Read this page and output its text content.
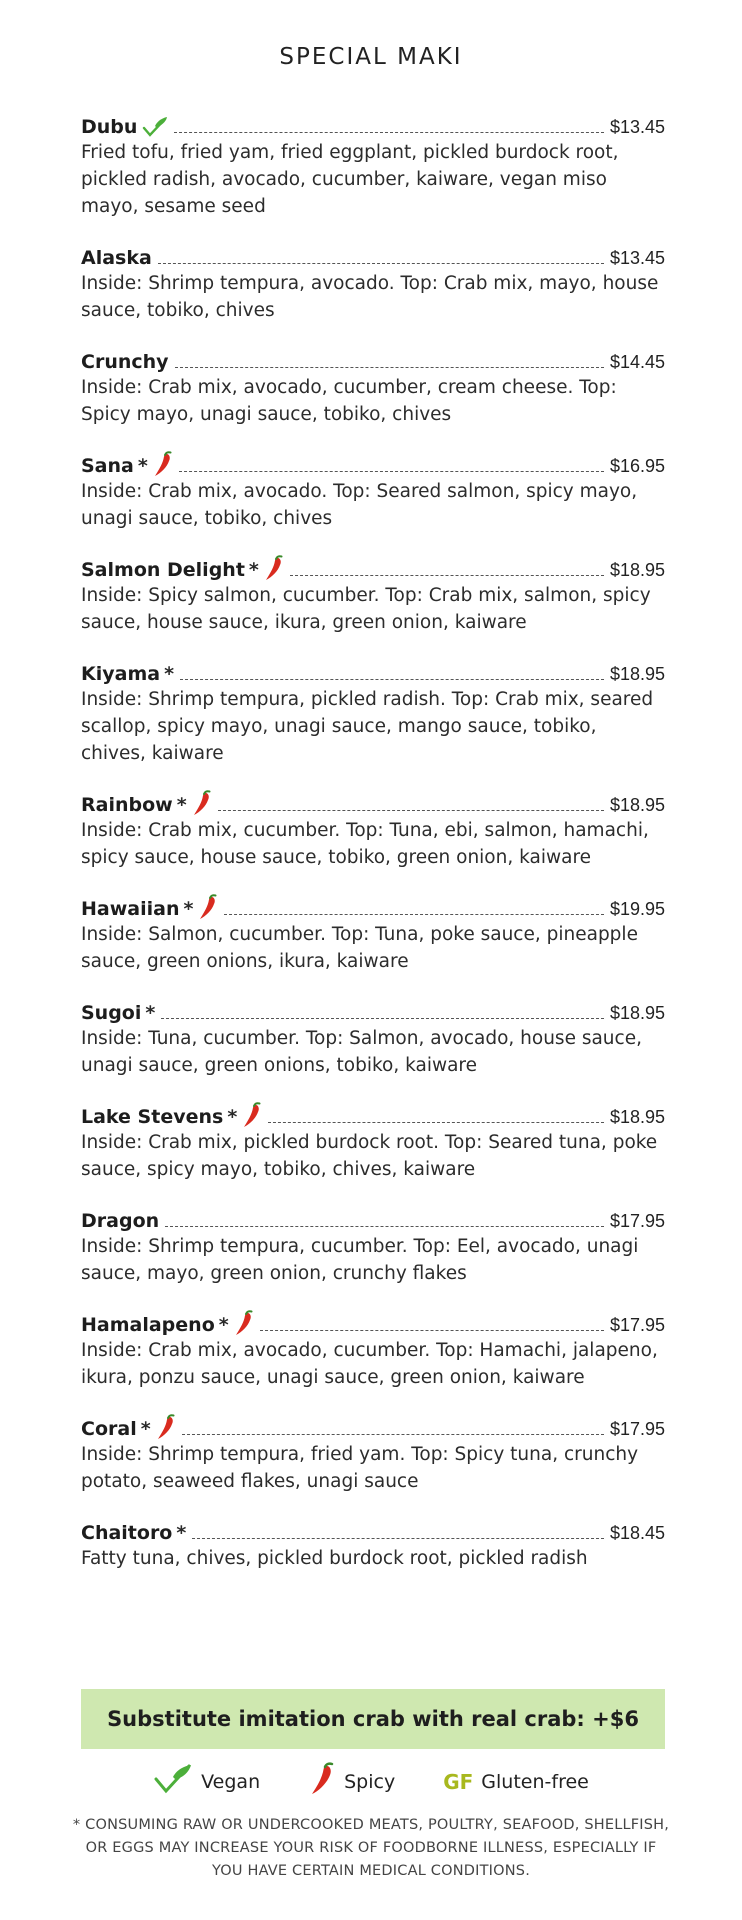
SPECIAL MAKI
Dubu	$13.45
Fried tofu, fried yam, fried eggplant, pickled burdock root, pickled radish, avocado, cucumber, kaiware, vegan miso mayo, sesame seed
Alaska	$13.45
Inside: Shrimp tempura, avocado. Top: Crab mix, mayo, house sauce, tobiko, chives
Crunchy	$14.45
Inside: Crab mix, avocado, cucumber, cream cheese. Top: Spicy mayo, unagi sauce, tobiko, chives
Sana *	$16.95
Inside: Crab mix, avocado. Top: Seared salmon, spicy mayo, unagi sauce, tobiko, chives
Salmon Delight *	$18.95
Inside: Spicy salmon, cucumber. Top: Crab mix, salmon, spicy sauce, house sauce, ikura, green onion, kaiware
Kiyama *	$18.95
Inside: Shrimp tempura, pickled radish. Top: Crab mix, seared scallop, spicy mayo, unagi sauce, mango sauce, tobiko, chives, kaiware
Rainbow *	$18.95
Inside: Crab mix, cucumber. Top: Tuna, ebi, salmon, hamachi, spicy sauce, house sauce, tobiko, green onion, kaiware
Hawaiian *	$19.95
Inside: Salmon, cucumber. Top: Tuna, poke sauce, pineapple sauce, green onions, ikura, kaiware
Sugoi *	$18.95
Inside: Tuna, cucumber. Top: Salmon, avocado, house sauce, unagi sauce, green onions, tobiko, kaiware
Lake Stevens *	$18.95
Inside: Crab mix, pickled burdock root. Top: Seared tuna, poke sauce, spicy mayo, tobiko, chives, kaiware
Dragon	$17.95
Inside: Shrimp tempura, cucumber. Top: Eel, avocado, unagi sauce, mayo, green onion, crunchy flakes
Hamalapeno *	$17.95
Inside: Crab mix, avocado, cucumber. Top: Hamachi, jalapeno, ikura, ponzu sauce, unagi sauce, green onion, kaiware
Coral *	$17.95
Inside: Shrimp tempura, fried yam. Top: Spicy tuna, crunchy potato, seaweed flakes, unagi sauce
Chaitoro *	$18.45
Fatty tuna, chives, pickled burdock root, pickled radish
Substitute imitation crab with real crab: +$6
Vegan	Spicy GF Gluten-free
* CONSUMING RAW OR UNDERCOOKED MEATS, POULTRY, SEAFOOD, SHELLFISH, OR EGGS MAY INCREASE YOUR RISK OF FOODBORNE ILLNESS, ESPECIALLY IF YOU HAVE CERTAIN MEDICAL CONDITIONS.
